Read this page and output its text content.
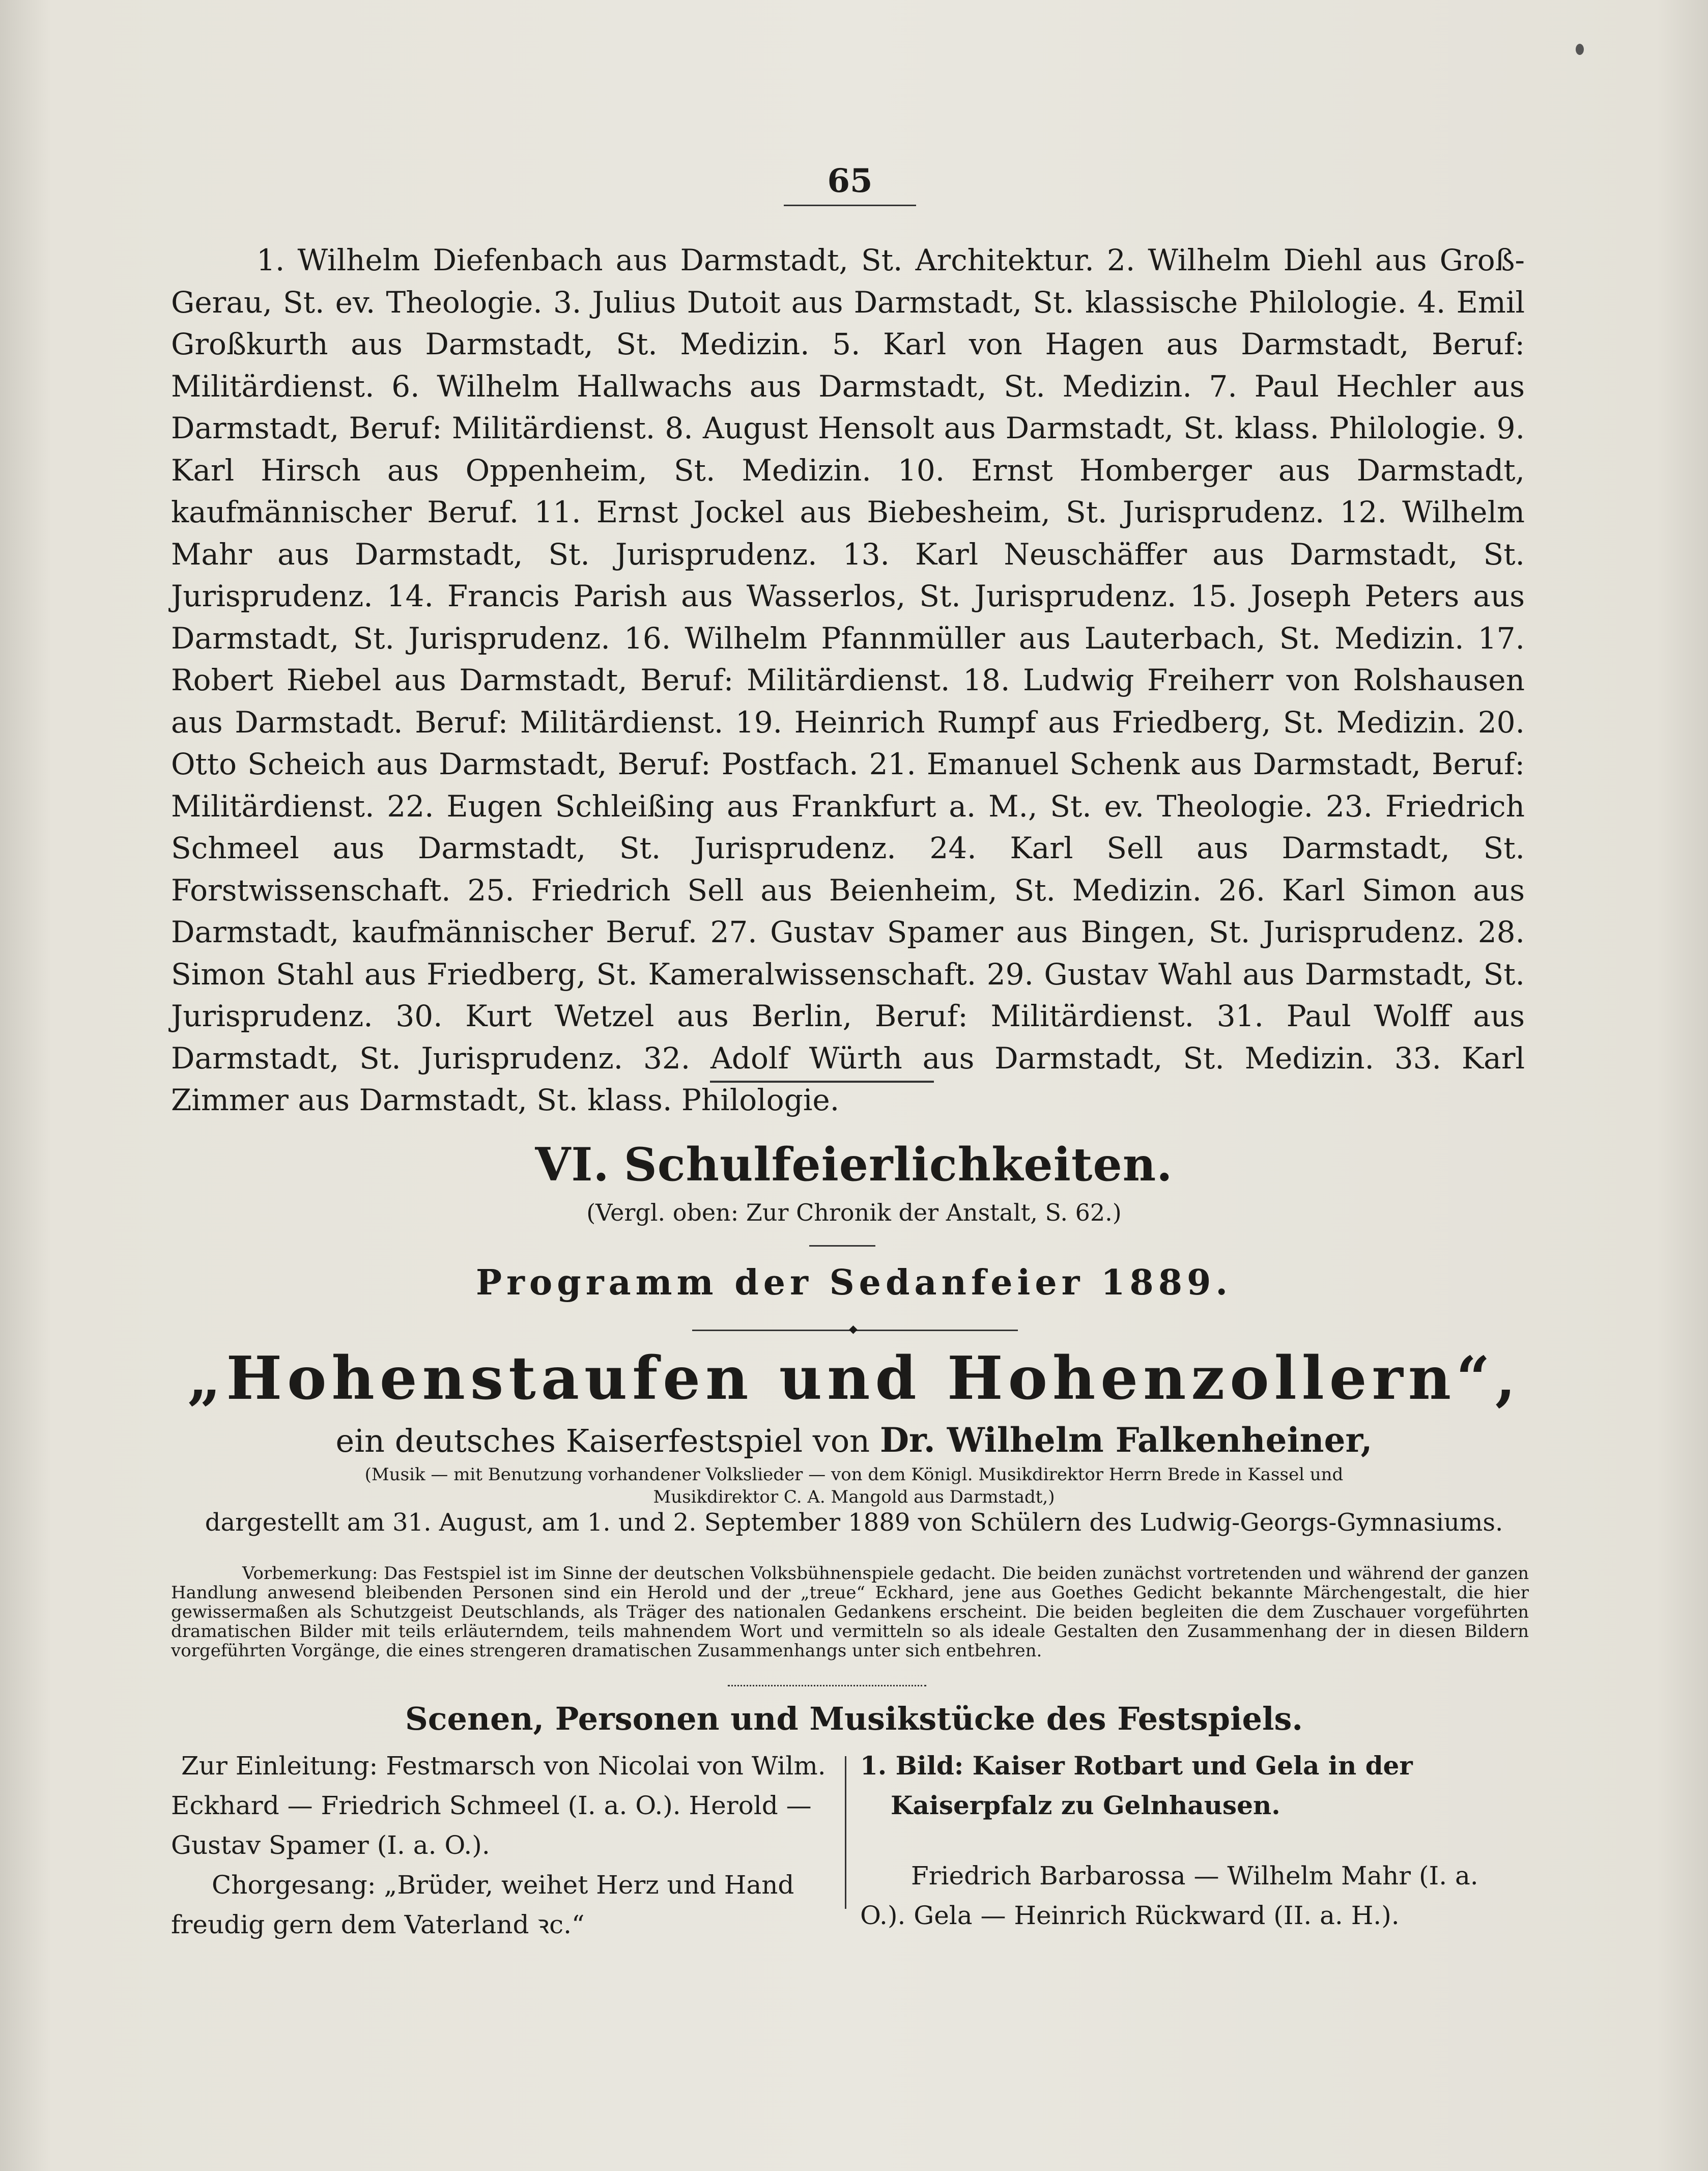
65

1. Wilhelm Diefenbach aus Darmstadt, St. Architektur. 2. Wilhelm Diehl aus Groß-Gerau, St. ev. Theologie. 3. Julius Dutoit aus Darmstadt, St. klassische Philologie. 4. Emil Großkurth aus Darmstadt, St. Medizin. 5. Karl von Hagen aus Darmstadt, Beruf: Militärdienst. 6. Wilhelm Hallwachs aus Darmstadt, St. Medizin. 7. Paul Hechler aus Darmstadt, Beruf: Militärdienst. 8. August Hensolt aus Darmstadt, St. klass. Philologie. 9. Karl Hirsch aus Oppenheim, St. Medizin. 10. Ernst Homberger aus Darmstadt, kaufmännischer Beruf. 11. Ernst Jockel aus Biebesheim, St. Jurisprudenz. 12. Wilhelm Mahr aus Darmstadt, St. Jurisprudenz. 13. Karl Neuschäffer aus Darmstadt, St. Jurisprudenz. 14. Francis Parish aus Wasserlos, St. Jurisprudenz. 15. Joseph Peters aus Darmstadt, St. Jurisprudenz. 16. Wilhelm Pfannmüller aus Lauterbach, St. Medizin. 17. Robert Riebel aus Darmstadt, Beruf: Militärdienst. 18. Ludwig Freiherr von Rolshausen aus Darmstadt. Beruf: Militärdienst. 19. Heinrich Rumpf aus Friedberg, St. Medizin. 20. Otto Scheich aus Darmstadt, Beruf: Postfach. 21. Emanuel Schenk aus Darmstadt, Beruf: Militärdienst. 22. Eugen Schleißing aus Frankfurt a. M., St. ev. Theologie. 23. Friedrich Schmeel aus Darmstadt, St. Jurisprudenz. 24. Karl Sell aus Darmstadt, St. Forstwissenschaft. 25. Friedrich Sell aus Beienheim, St. Medizin. 26. Karl Simon aus Darmstadt, kaufmännischer Beruf. 27. Gustav Spamer aus Bingen, St. Jurisprudenz. 28. Simon Stahl aus Friedberg, St. Kameralwissenschaft. 29. Gustav Wahl aus Darmstadt, St. Jurisprudenz. 30. Kurt Wetzel aus Berlin, Beruf: Militärdienst. 31. Paul Wolff aus Darmstadt, St. Jurisprudenz. 32. Adolf Würth aus Darmstadt, St. Medizin. 33. Karl Zimmer aus Darmstadt, St. klass. Philologie.

VI. Schulfeierlichkeiten.
(Vergl. oben: Zur Chronik der Anstalt, S. 62.)
Programm der Sedanfeier 1889.
◆
„Hohenstaufen und Hohenzollern“,
ein deutsches Kaiserfestspiel von Dr. Wilhelm Falkenheiner,
(Musik — mit Benutzung vorhandener Volkslieder — von dem Königl. Musikdirektor Herrn Brede in Kassel und
Musikdirektor C. A. Mangold aus Darmstadt,)
dargestellt am 31. August, am 1. und 2. September 1889 von Schülern des Ludwig-Georgs-Gymnasiums.

Vorbemerkung: Das Festspiel ist im Sinne der deutschen Volksbühnenspiele gedacht. Die beiden zunächst vortretenden und während der ganzen Handlung anwesend bleibenden Personen sind ein Herold und der „treue“ Eckhard, jene aus Goethes Gedicht bekannte Märchengestalt, die hier gewissermaßen als Schutzgeist Deutschlands, als Träger des nationalen Gedankens erscheint. Die beiden begleiten die dem Zuschauer vorgeführten dramatischen Bilder mit teils erläuterndem, teils mahnendem Wort und vermitteln so als ideale Gestalten den Zusammenhang der in diesen Bildern vorgeführten Vorgänge, die eines strengeren dramatischen Zusammenhangs unter sich entbehren.

Scenen, Personen und Musikstücke des Festspiels.

Zur Einleitung: Festmarsch von Nicolai von Wilm.

Eckhard — Friedrich Schmeel (I. a. O.). Herold — Gustav Spamer (I. a. O.).

Chorgesang: „Brüder, weihet Herz und Hand freudig gern dem Vaterland ꝛc.“

1. Bild: Kaiser Rotbart und Gela in der Kaiserpfalz zu Gelnhausen.

Friedrich Barbarossa — Wilhelm Mahr (I. a. O.). Gela — Heinrich Rückward (II. a. H.).
